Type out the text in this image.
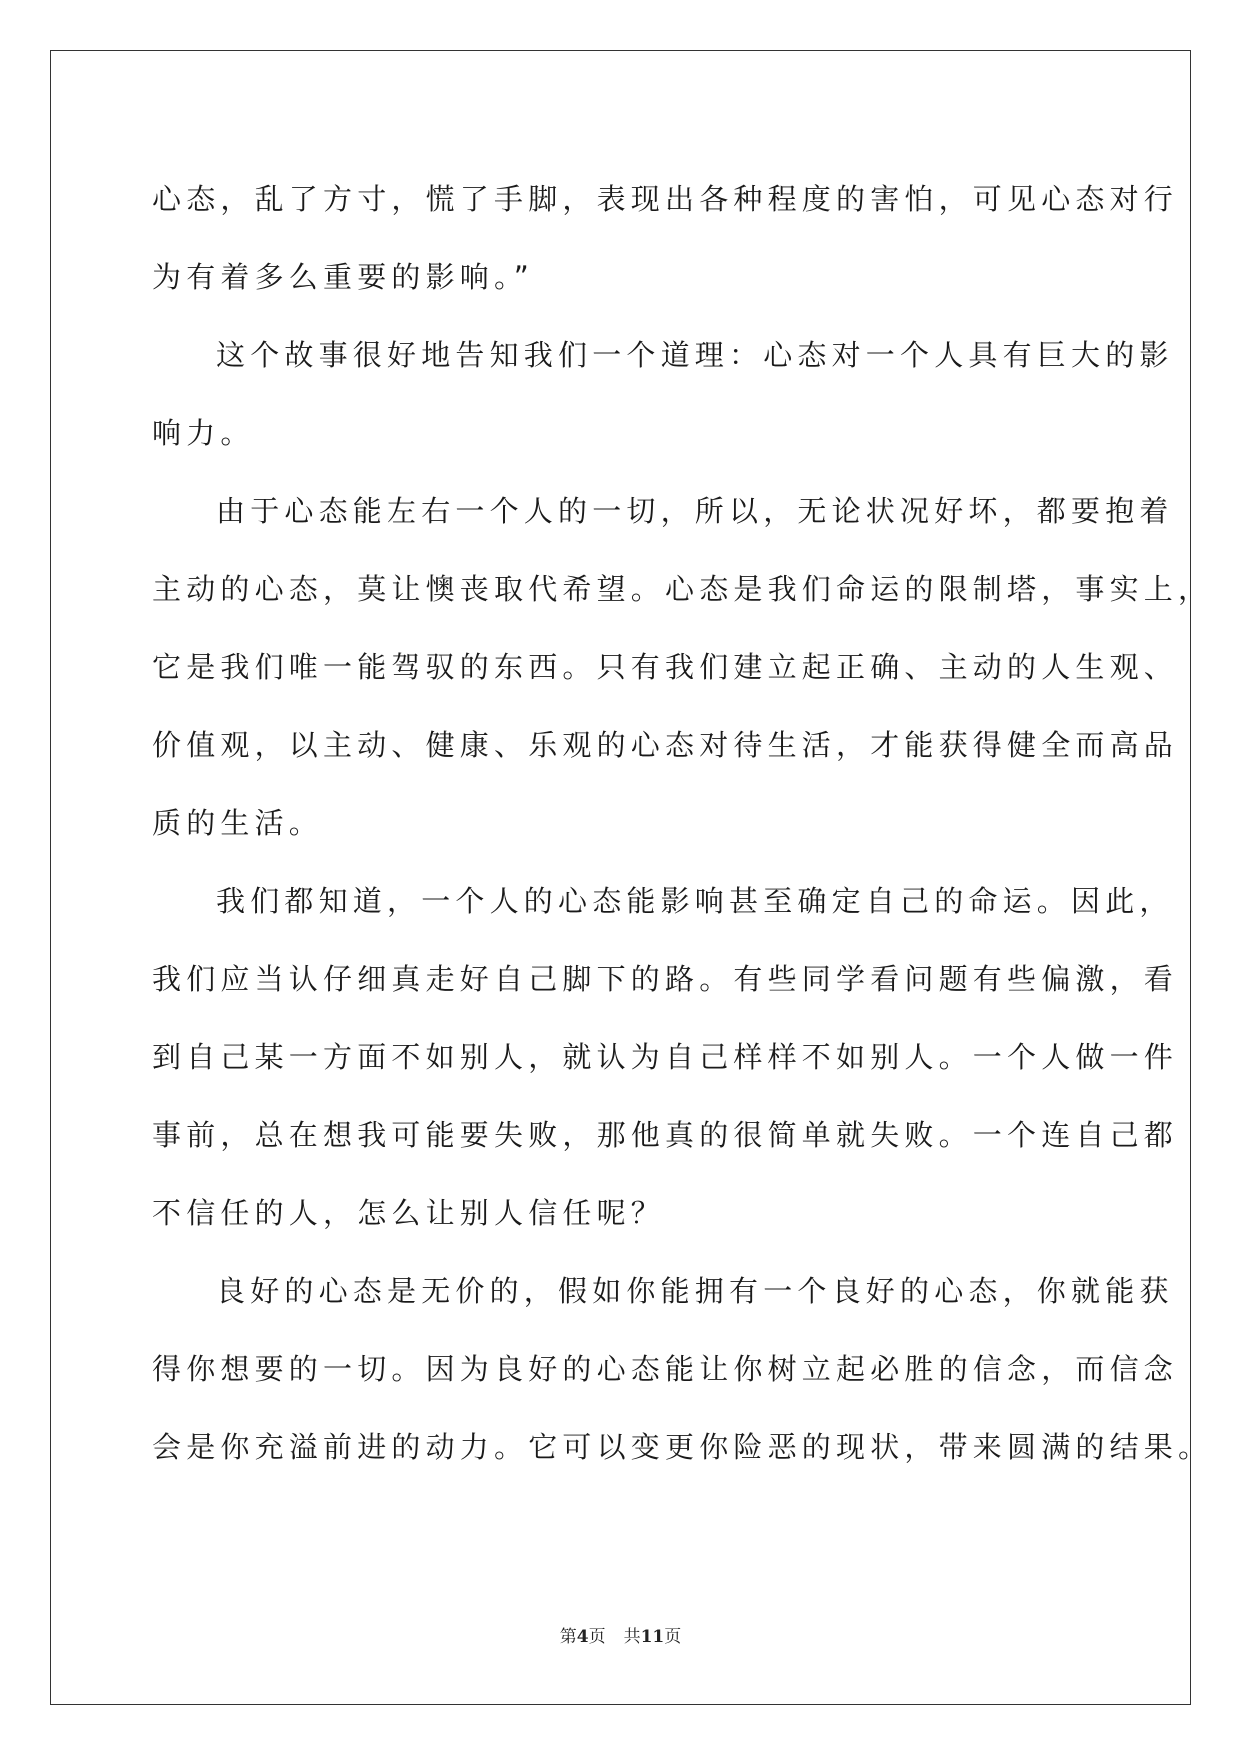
心态，乱了方寸，慌了手脚，表现出各种程度的害怕，可见心态对行
为有着多么重要的影响。”
这个故事很好地告知我们一个道理：心态对一个人具有巨大的影
响力。
由于心态能左右一个人的一切，所以，无论状况好坏，都要抱着
主动的心态，莫让懊丧取代希望。心态是我们命运的限制塔，事实上，
它是我们唯一能驾驭的东西。只有我们建立起正确、主动的人生观、
价值观，以主动、健康、乐观的心态对待生活，才能获得健全而高品
质的生活。
我们都知道，一个人的心态能影响甚至确定自己的命运。因此，
我们应当认仔细真走好自己脚下的路。有些同学看问题有些偏激，看
到自己某一方面不如别人，就认为自己样样不如别人。一个人做一件
事前，总在想我可能要失败，那他真的很简单就失败。一个连自己都
不信任的人，怎么让别人信任呢？
良好的心态是无价的，假如你能拥有一个良好的心态，你就能获
得你想要的一切。因为良好的心态能让你树立起必胜的信念，而信念
会是你充溢前进的动力。它可以变更你险恶的现状，带来圆满的结果。
第4页 共11页
